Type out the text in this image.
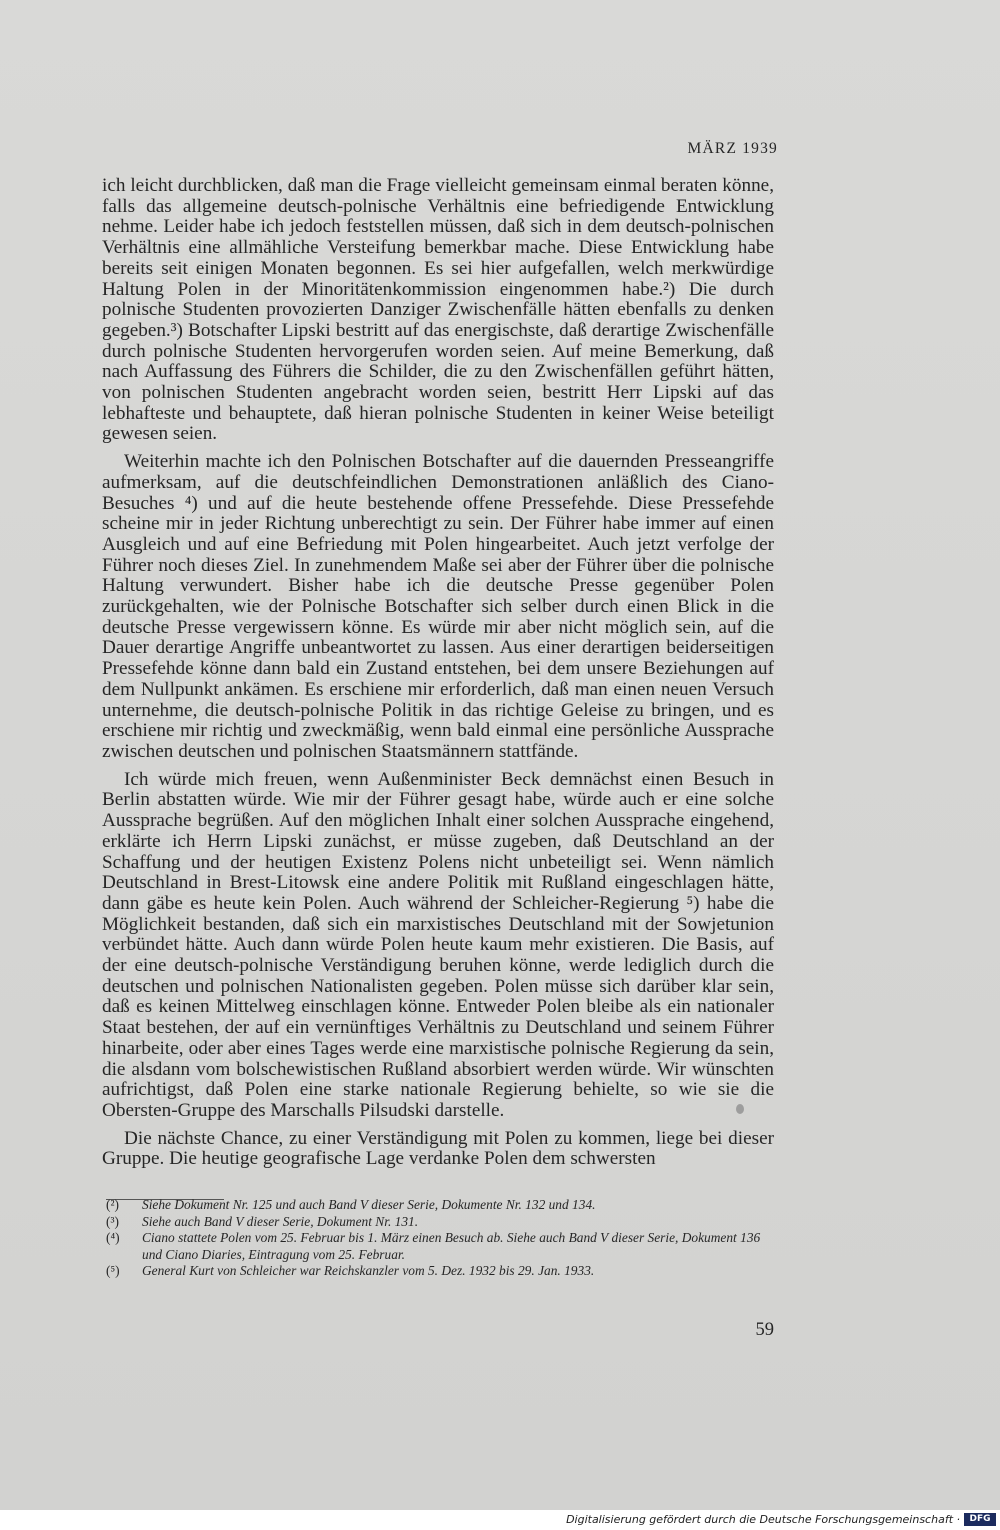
MÄRZ 1939

ich leicht durchblicken, daß man die Frage vielleicht gemeinsam einmal beraten könne, falls das allgemeine deutsch-polnische Verhältnis eine befriedigende Entwicklung nehme. Leider habe ich jedoch feststellen müssen, daß sich in dem deutsch-polnischen Verhältnis eine allmähliche Versteifung bemerkbar mache. Diese Entwicklung habe bereits seit einigen Monaten begonnen. Es sei hier aufgefallen, welch merkwürdige Haltung Polen in der Minoritätenkommission eingenommen habe.²) Die durch polnische Studenten provozierten Danziger Zwischenfälle hätten ebenfalls zu denken gegeben.³) Botschafter Lipski bestritt auf das energischste, daß derartige Zwischenfälle durch polnische Studenten hervorgerufen worden seien. Auf meine Bemerkung, daß nach Auffassung des Führers die Schilder, die zu den Zwischenfällen geführt hätten, von polnischen Studenten angebracht worden seien, bestritt Herr Lipski auf das lebhafteste und behauptete, daß hieran polnische Studenten in keiner Weise beteiligt gewesen seien.

Weiterhin machte ich den Polnischen Botschafter auf die dauernden Presseangriffe aufmerksam, auf die deutschfeindlichen Demonstrationen anläßlich des Ciano-Besuches ⁴) und auf die heute bestehende offene Pressefehde. Diese Pressefehde scheine mir in jeder Richtung unberechtigt zu sein. Der Führer habe immer auf einen Ausgleich und auf eine Befriedung mit Polen hingearbeitet. Auch jetzt verfolge der Führer noch dieses Ziel. In zunehmendem Maße sei aber der Führer über die polnische Haltung verwundert. Bisher habe ich die deutsche Presse gegenüber Polen zurückgehalten, wie der Polnische Botschafter sich selber durch einen Blick in die deutsche Presse vergewissern könne. Es würde mir aber nicht möglich sein, auf die Dauer derartige Angriffe unbeantwortet zu lassen. Aus einer derartigen beiderseitigen Pressefehde könne dann bald ein Zustand entstehen, bei dem unsere Beziehungen auf dem Nullpunkt ankämen. Es erschiene mir erforderlich, daß man einen neuen Versuch unternehme, die deutsch-polnische Politik in das richtige Geleise zu bringen, und es erschiene mir richtig und zweckmäßig, wenn bald einmal eine persönliche Aussprache zwischen deutschen und polnischen Staatsmännern stattfände.

Ich würde mich freuen, wenn Außenminister Beck demnächst einen Besuch in Berlin abstatten würde. Wie mir der Führer gesagt habe, würde auch er eine solche Aussprache begrüßen. Auf den möglichen Inhalt einer solchen Aussprache eingehend, erklärte ich Herrn Lipski zunächst, er müsse zugeben, daß Deutschland an der Schaffung und der heutigen Existenz Polens nicht unbeteiligt sei. Wenn nämlich Deutschland in Brest-Litowsk eine andere Politik mit Rußland eingeschlagen hätte, dann gäbe es heute kein Polen. Auch während der Schleicher-Regierung ⁵) habe die Möglichkeit bestanden, daß sich ein marxistisches Deutschland mit der Sowjetunion verbündet hätte. Auch dann würde Polen heute kaum mehr existieren. Die Basis, auf der eine deutsch-polnische Verständigung beruhen könne, werde lediglich durch die deutschen und polnischen Nationalisten gegeben. Polen müsse sich darüber klar sein, daß es keinen Mittelweg einschlagen könne. Entweder Polen bleibe als ein nationaler Staat bestehen, der auf ein vernünftiges Verhältnis zu Deutschland und seinem Führer hinarbeite, oder aber eines Tages werde eine marxistische polnische Regierung da sein, die alsdann vom bolschewistischen Rußland absorbiert werden würde. Wir wünschten aufrichtigst, daß Polen eine starke nationale Regierung behielte, so wie sie die Obersten-Gruppe des Marschalls Pilsudski darstelle.

Die nächste Chance, zu einer Verständigung mit Polen zu kommen, liege bei dieser Gruppe. Die heutige geografische Lage verdanke Polen dem schwersten

(²)	Siehe Dokument Nr. 125 und auch Band V dieser Serie, Dokumente Nr. 132 und 134.
(³)	Siehe auch Band V dieser Serie, Dokument Nr. 131.
(⁴)	Ciano stattete Polen vom 25. Februar bis 1. März einen Besuch ab. Siehe auch Band V dieser Serie, Dokument 136 und Ciano Diaries, Eintragung vom 25. Februar.
(⁵)	General Kurt von Schleicher war Reichskanzler vom 5. Dez. 1932 bis 29. Jan. 1933.
59
Digitalisierung gefördert durch die Deutsche Forschungsgemeinschaft ·	DFG
